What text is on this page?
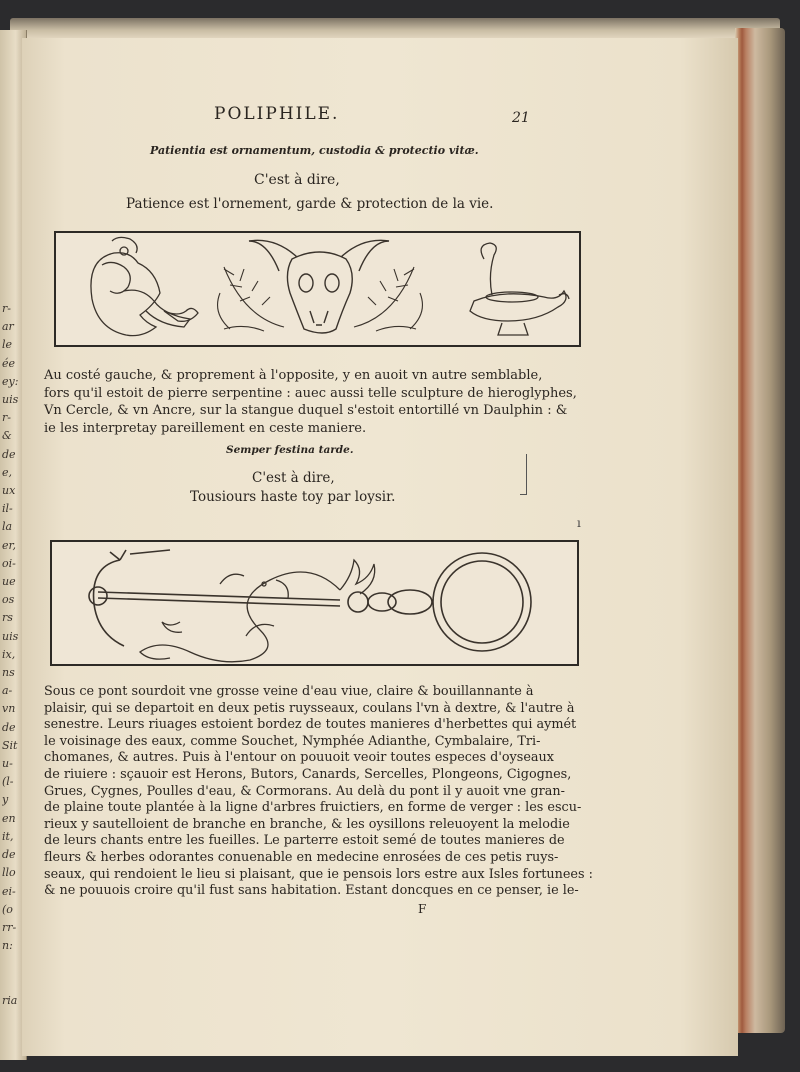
r-
ar
le
ée
ey:
uis
r-
&
de
e,
ux
il-
la
er,
oi-
ue
os
rs
uis
ix,
ns
a-
vn
de
Sit
u-
(l-
y
en
it,
de
llo
ei-
(o
rr-
n:

ria
POLIPHILE.	21
Patientia est ornamentum, custodia & protectio vitæ.
C'est à dire,
Patience est l'ornement, garde & protection de la vie.
Au costé gauche, & proprement à l'opposite, y en auoit vn autre semblable,
fors qu'il estoit de pierre serpentine : auec aussi telle sculpture de hieroglyphes,
Vn Cercle, & vn Ancre, sur la stangue duquel s'estoit entortillé vn Daulphin : &
ie les interpretay pareillement en ceste maniere.
Semper festina tarde.
C'est à dire,
Tousiours haste toy par loysir.
ı
Sous ce pont sourdoit vne grosse veine d'eau viue, claire & bouillannante à
plaisir, qui se departoit en deux petis ruysseaux, coulans l'vn à dextre, & l'autre à
senestre. Leurs riuages estoient bordez de toutes manieres d'herbettes qui aymét
le voisinage des eaux, comme Souchet, Nymphée Adianthe, Cymbalaire, Tri-
chomanes, & autres. Puis à l'entour on pouuoit veoir toutes especes d'oyseaux
de riuiere : sçauoir est Herons, Butors, Canards, Sercelles, Plongeons, Cigognes,
Grues, Cygnes, Poulles d'eau, & Cormorans. Au delà du pont il y auoit vne gran-
de plaine toute plantée à la ligne d'arbres fruictiers, en forme de verger : les escu-
rieux y sautelloient de branche en branche, & les oysillons releuoyent la melodie
de leurs chants entre les fueilles. Le parterre estoit semé de toutes manieres de
fleurs & herbes odorantes conuenable en medecine enrosées de ces petis ruys-
seaux, qui rendoient le lieu si plaisant, que ie pensois lors estre aux Isles fortunees :
& ne pouuois croire qu'il fust sans habitation. Estant doncques en ce penser, ie le-
F
